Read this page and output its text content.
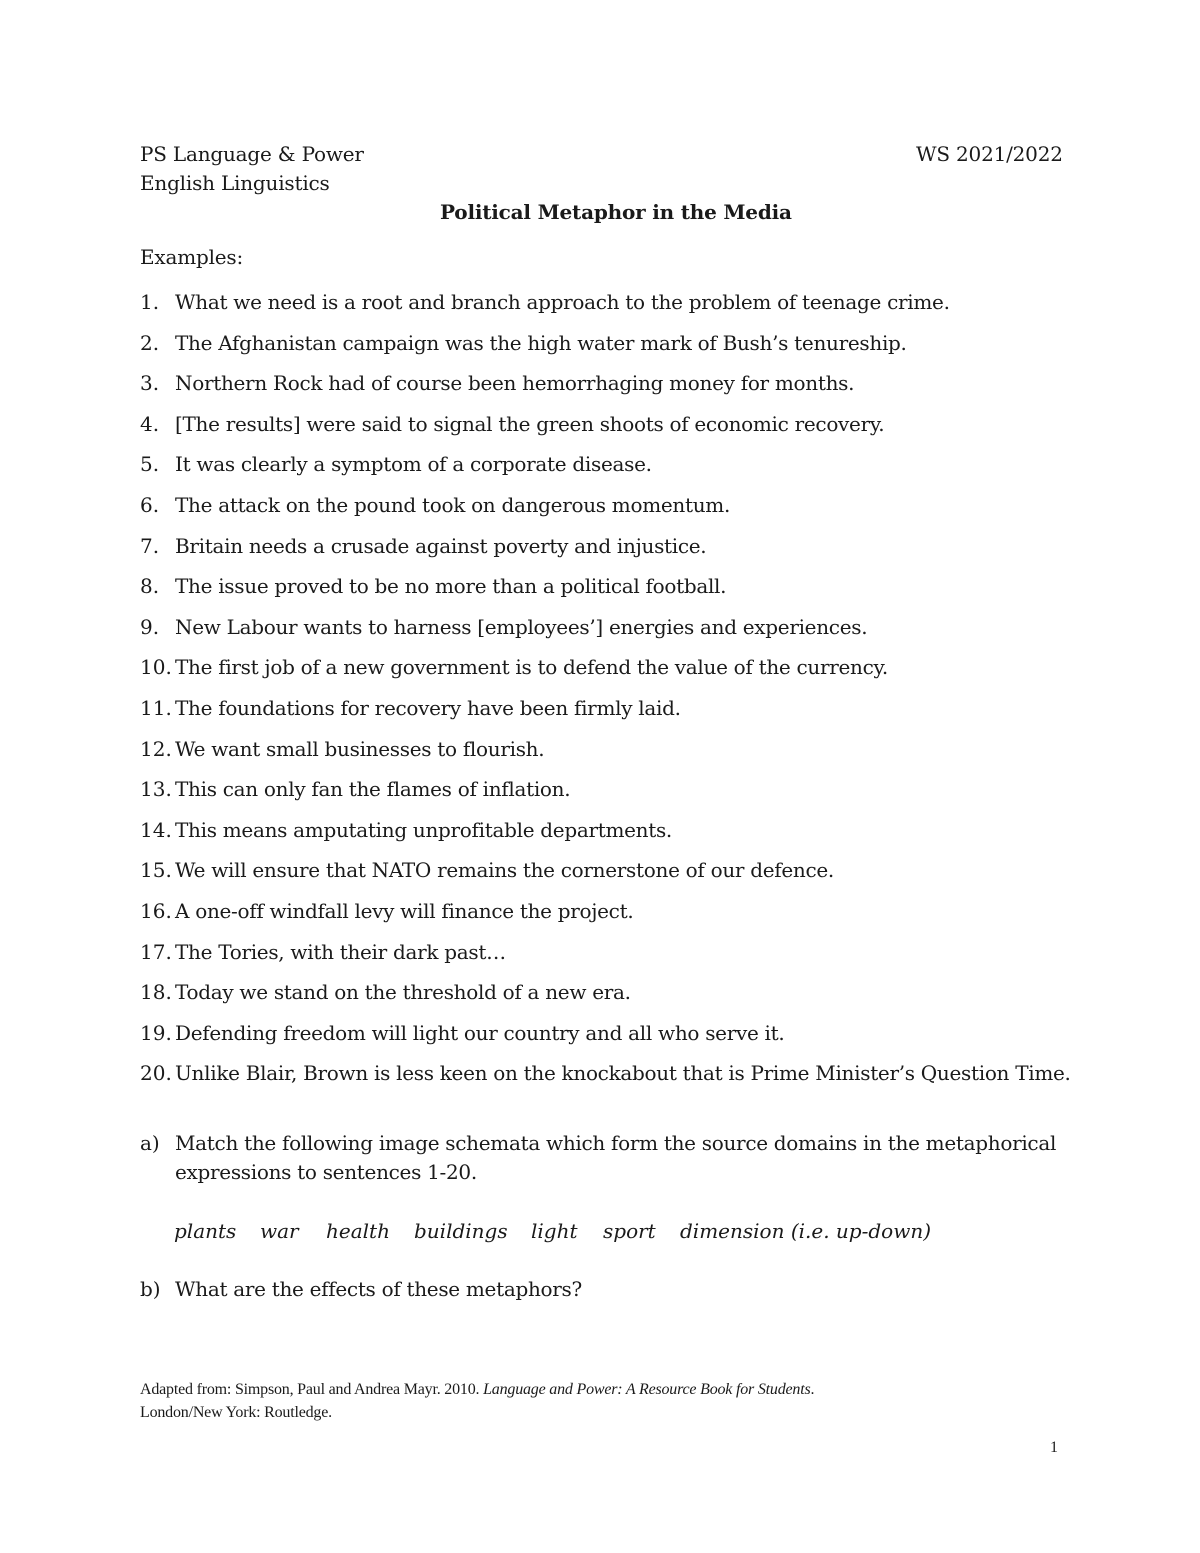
PS Language & Power
English Linguistics
WS 2021/2022
Political Metaphor in the Media
Examples:
1. What we need is a root and branch approach to the problem of teenage crime.
2. The Afghanistan campaign was the high water mark of Bush’s tenureship.
3. Northern Rock had of course been hemorrhaging money for months.
4. [The results] were said to signal the green shoots of economic recovery.
5. It was clearly a symptom of a corporate disease.
6. The attack on the pound took on dangerous momentum.
7. Britain needs a crusade against poverty and injustice.
8. The issue proved to be no more than a political football.
9. New Labour wants to harness [employees’] energies and experiences.
10. The first job of a new government is to defend the value of the currency.
11. The foundations for recovery have been firmly laid.
12. We want small businesses to flourish.
13. This can only fan the flames of inflation.
14. This means amputating unprofitable departments.
15. We will ensure that NATO remains the cornerstone of our defence.
16. A one-off windfall levy will finance the project.
17. The Tories, with their dark past…
18. Today we stand on the threshold of a new era.
19. Defending freedom will light our country and all who serve it.
20. Unlike Blair, Brown is less keen on the knockabout that is Prime Minister’s Question Time.
a) Match the following image schemata which form the source domains in the metaphorical
expressions to sentences 1-20.
plants war health buildings light sport dimension (i.e. up-down)
b) What are the effects of these metaphors?
Adapted from: Simpson, Paul and Andrea Mayr. 2010. Language and Power: A Resource Book for Students.
London/New York: Routledge.
1
